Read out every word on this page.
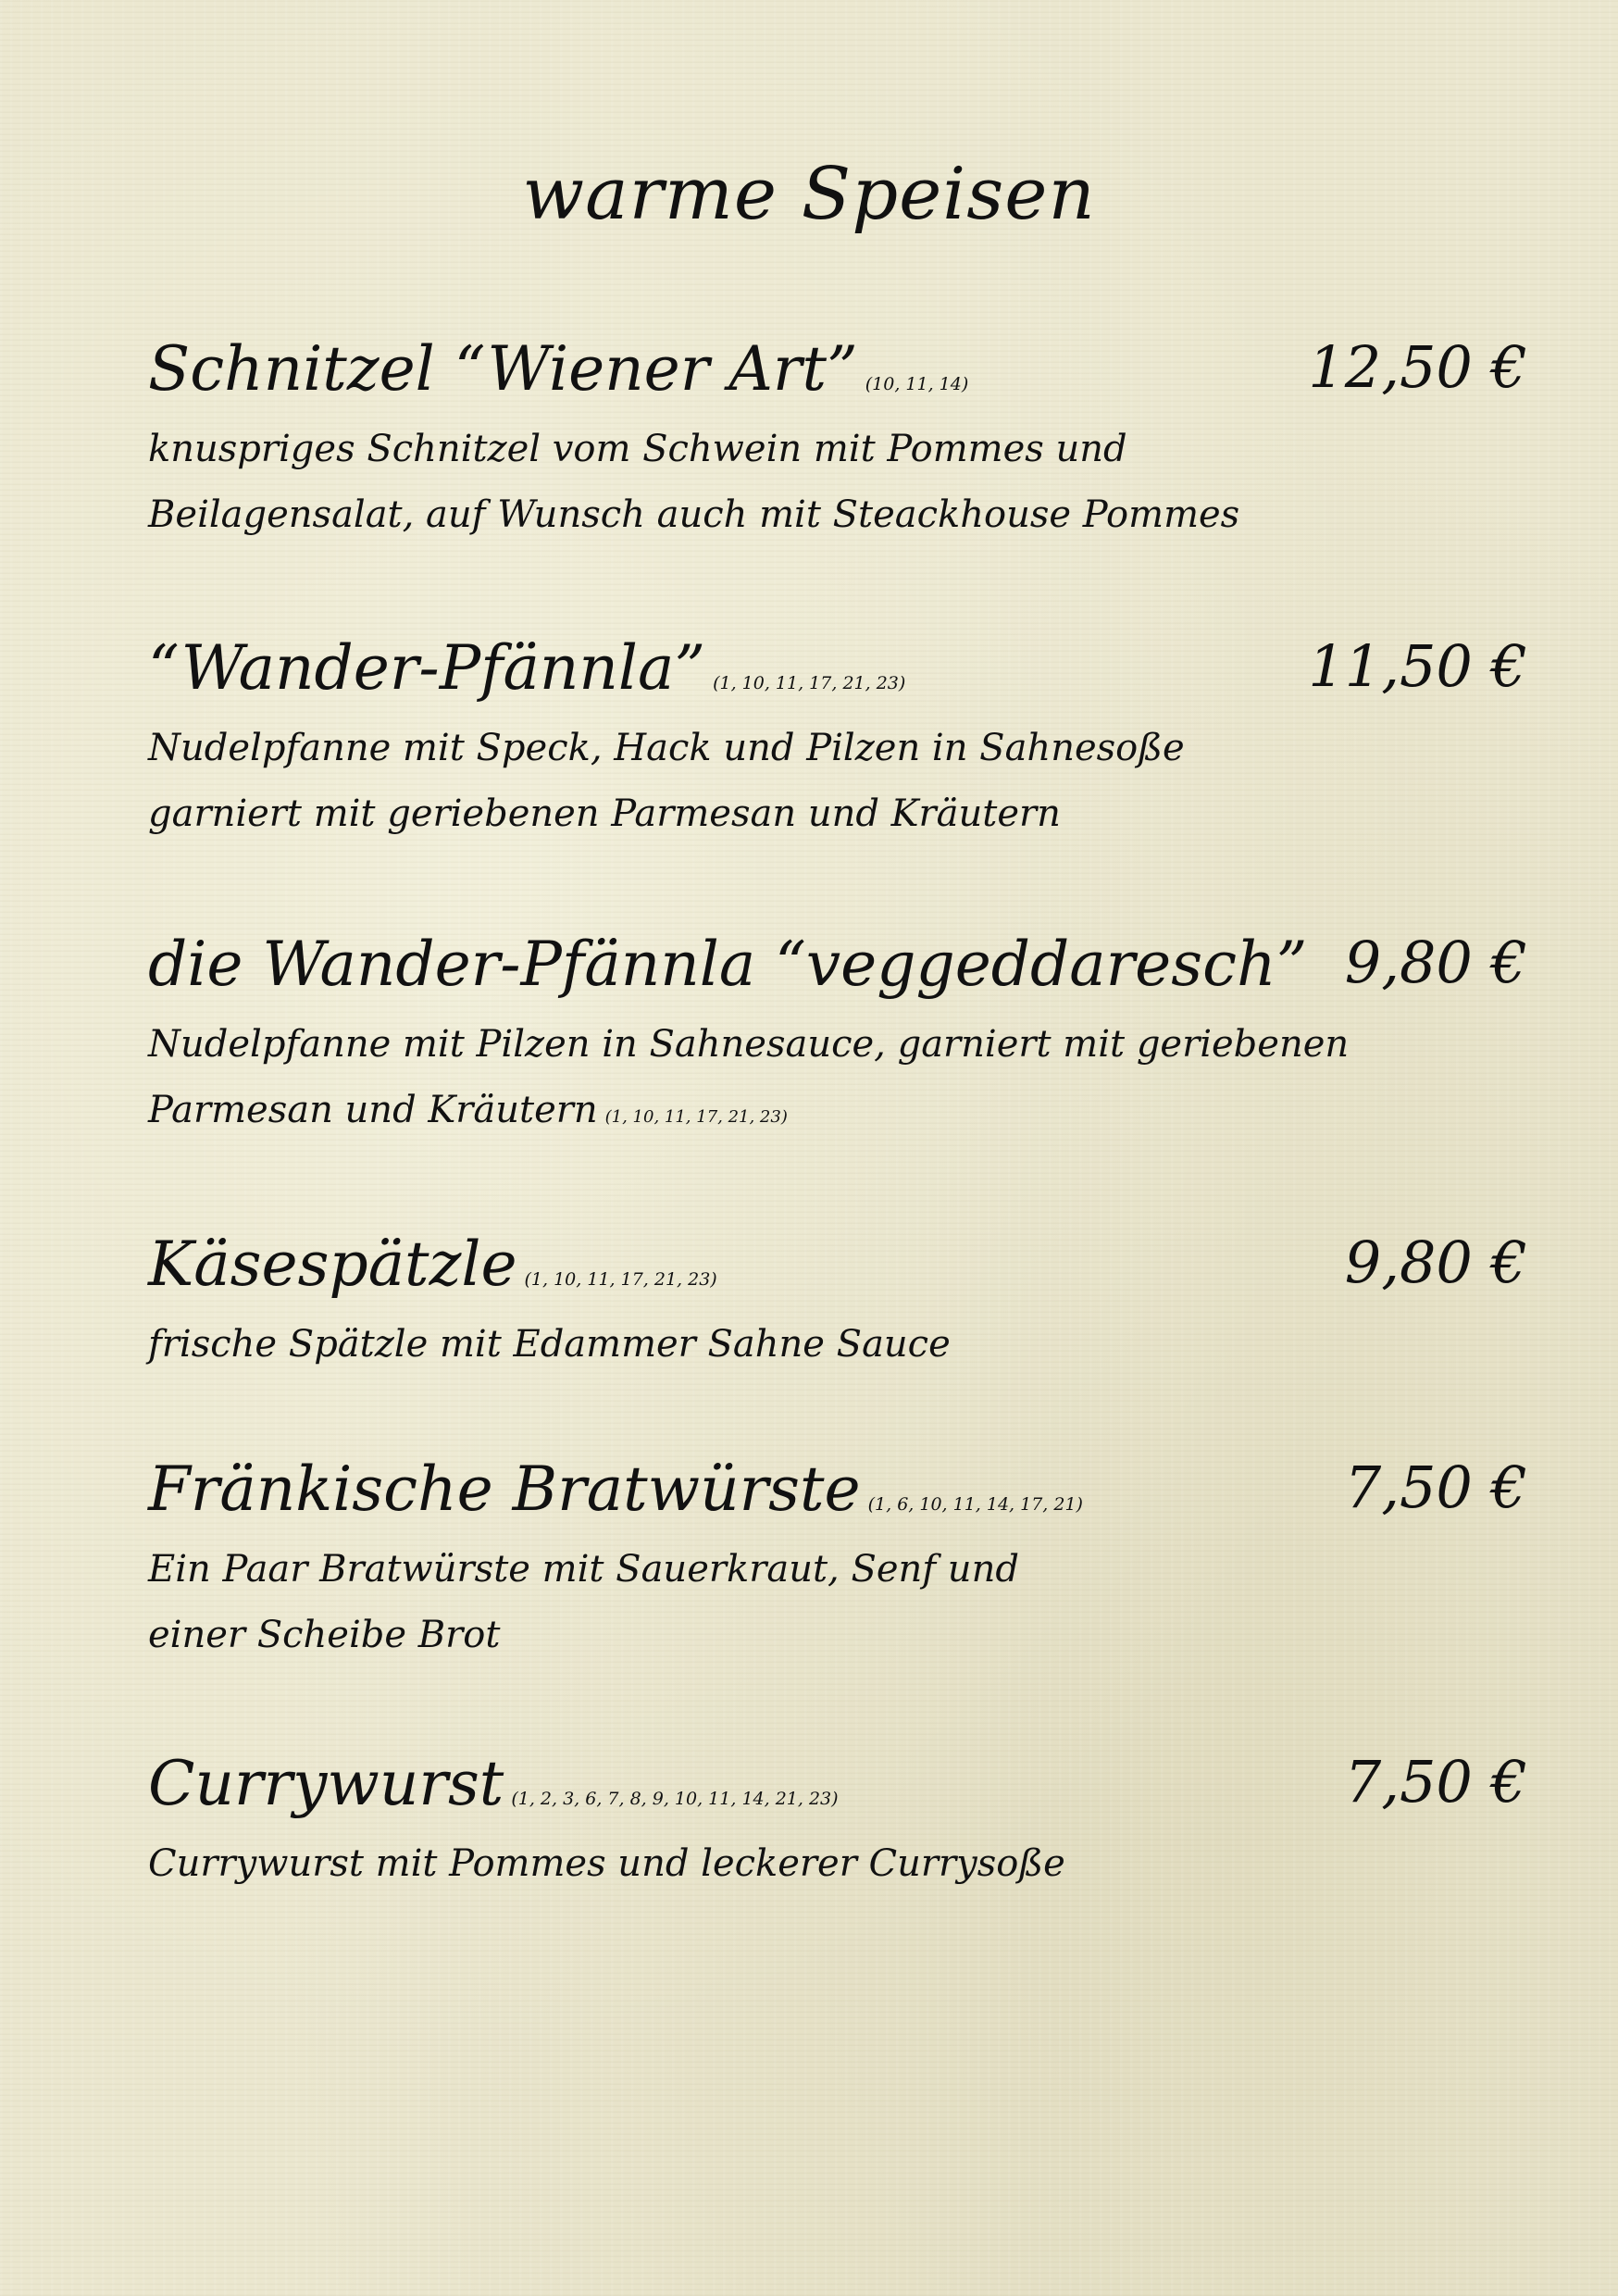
warme Speisen
Schnitzel “Wiener Art” (10, 11, 14)	12,50 €
knuspriges Schnitzel vom Schwein mit Pommes und
Beilagensalat, auf Wunsch auch mit Steackhouse Pommes
“Wander-Pfännla” (1, 10, 11, 17, 21, 23)	11,50 €
Nudelpfanne mit Speck, Hack und Pilzen in Sahnesoße
garniert mit geriebenen Parmesan und Kräutern
die Wander-Pfännla “veggeddaresch” 9,80 €
Nudelpfanne mit Pilzen in Sahnesauce, garniert mit geriebenen
Parmesan und Kräutern (1, 10, 11, 17, 21, 23)
Käsespätzle (1, 10, 11, 17, 21, 23)	9,80 €
frische Spätzle mit Edammer Sahne Sauce
Fränkische Bratwürste (1, 6, 10, 11, 14, 17, 21)	7,50 €
Ein Paar Bratwürste mit Sauerkraut, Senf und
einer Scheibe Brot
Currywurst (1, 2, 3, 6, 7, 8, 9, 10, 11, 14, 21, 23)	7,50 €
Currywurst mit Pommes und leckerer Currysoße
